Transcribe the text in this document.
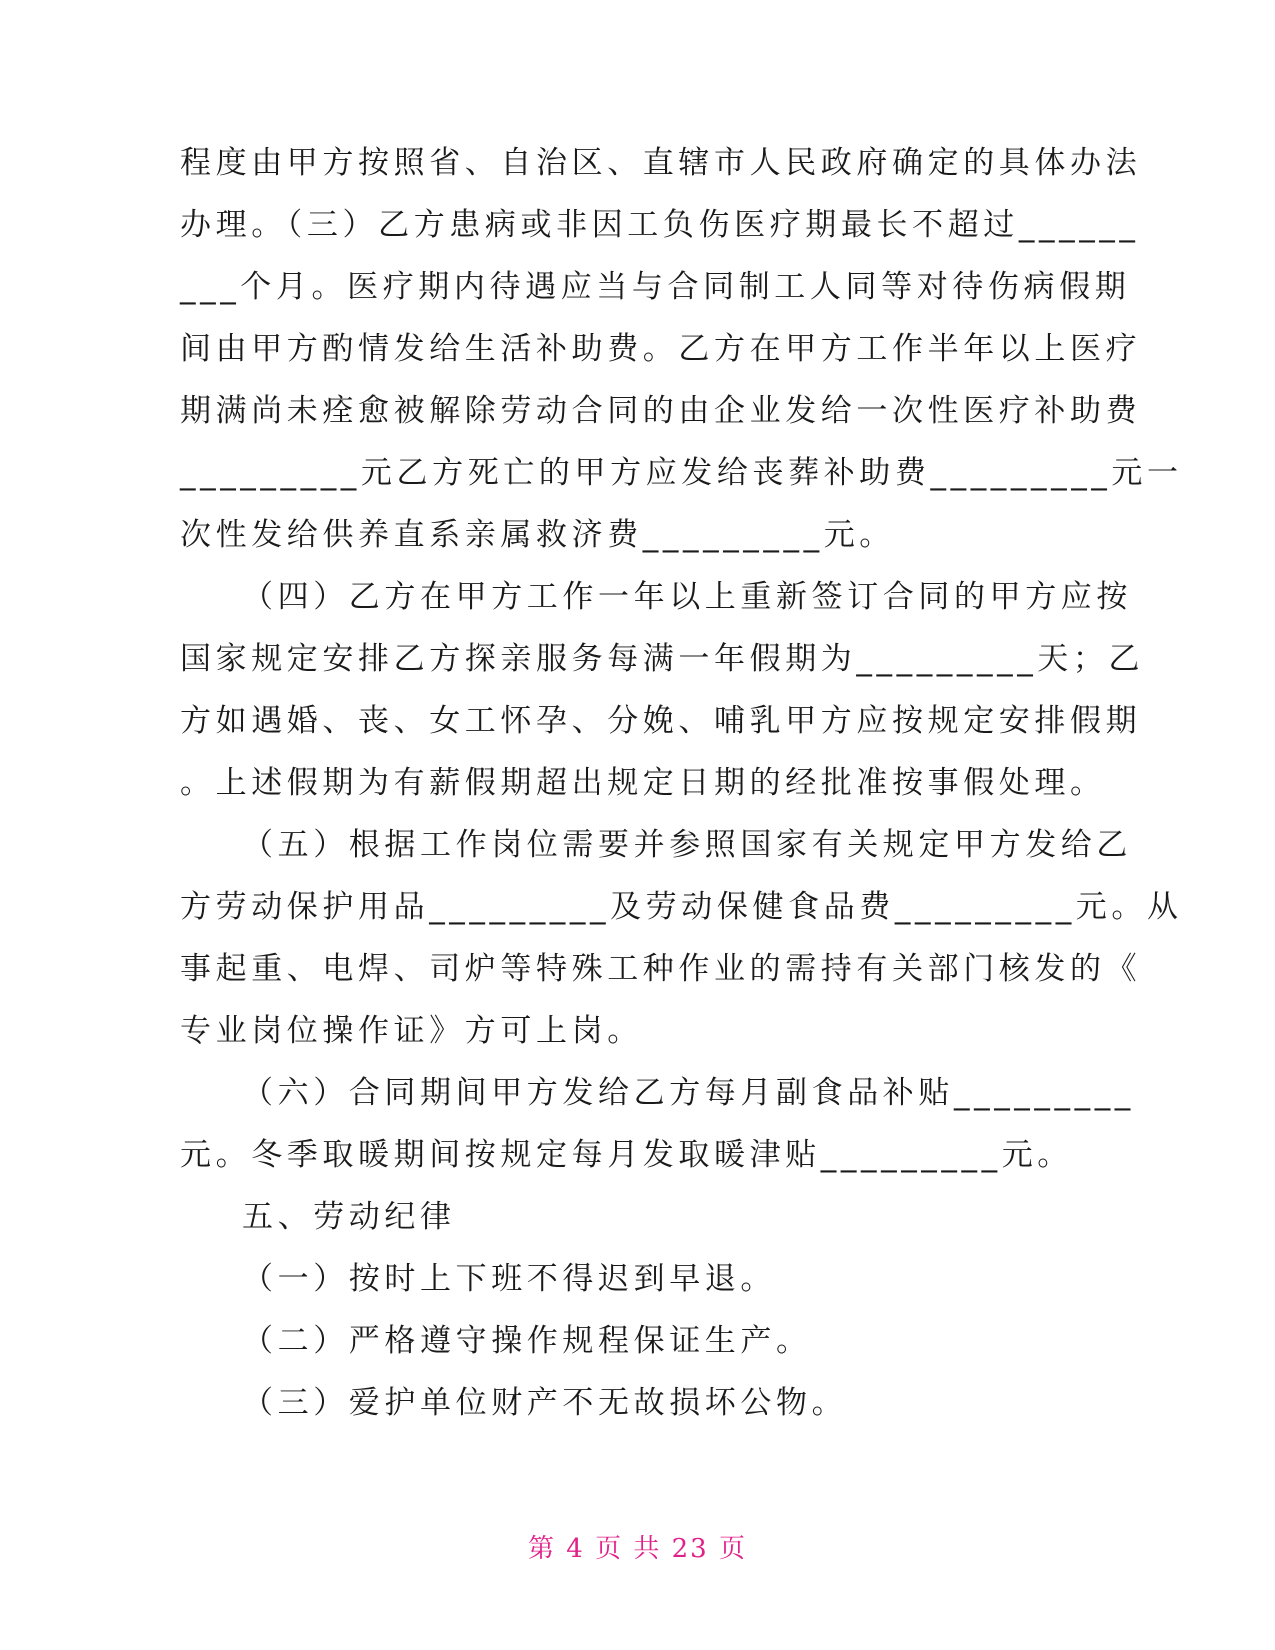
程度由甲方按照省、自治区、直辖市人民政府确定的具体办法
办理。（三）乙方患病或非因工负伤医疗期最长不超过______
___个月。医疗期内待遇应当与合同制工人同等对待伤病假期
间由甲方酌情发给生活补助费。乙方在甲方工作半年以上医疗
期满尚未痊愈被解除劳动合同的由企业发给一次性医疗补助费
_________元乙方死亡的甲方应发给丧葬补助费_________元一
次性发给供养直系亲属救济费_________元。
（四）乙方在甲方工作一年以上重新签订合同的甲方应按
国家规定安排乙方探亲服务每满一年假期为_________天；乙
方如遇婚、丧、女工怀孕、分娩、哺乳甲方应按规定安排假期
。上述假期为有薪假期超出规定日期的经批准按事假处理。
（五）根据工作岗位需要并参照国家有关规定甲方发给乙
方劳动保护用品_________及劳动保健食品费_________元。从
事起重、电焊、司炉等特殊工种作业的需持有关部门核发的《
专业岗位操作证》方可上岗。
（六）合同期间甲方发给乙方每月副食品补贴_________
元。冬季取暖期间按规定每月发取暖津贴_________元。
五、劳动纪律
（一）按时上下班不得迟到早退。
（二）严格遵守操作规程保证生产。
（三）爱护单位财产不无故损坏公物。
第 4 页 共 23 页
